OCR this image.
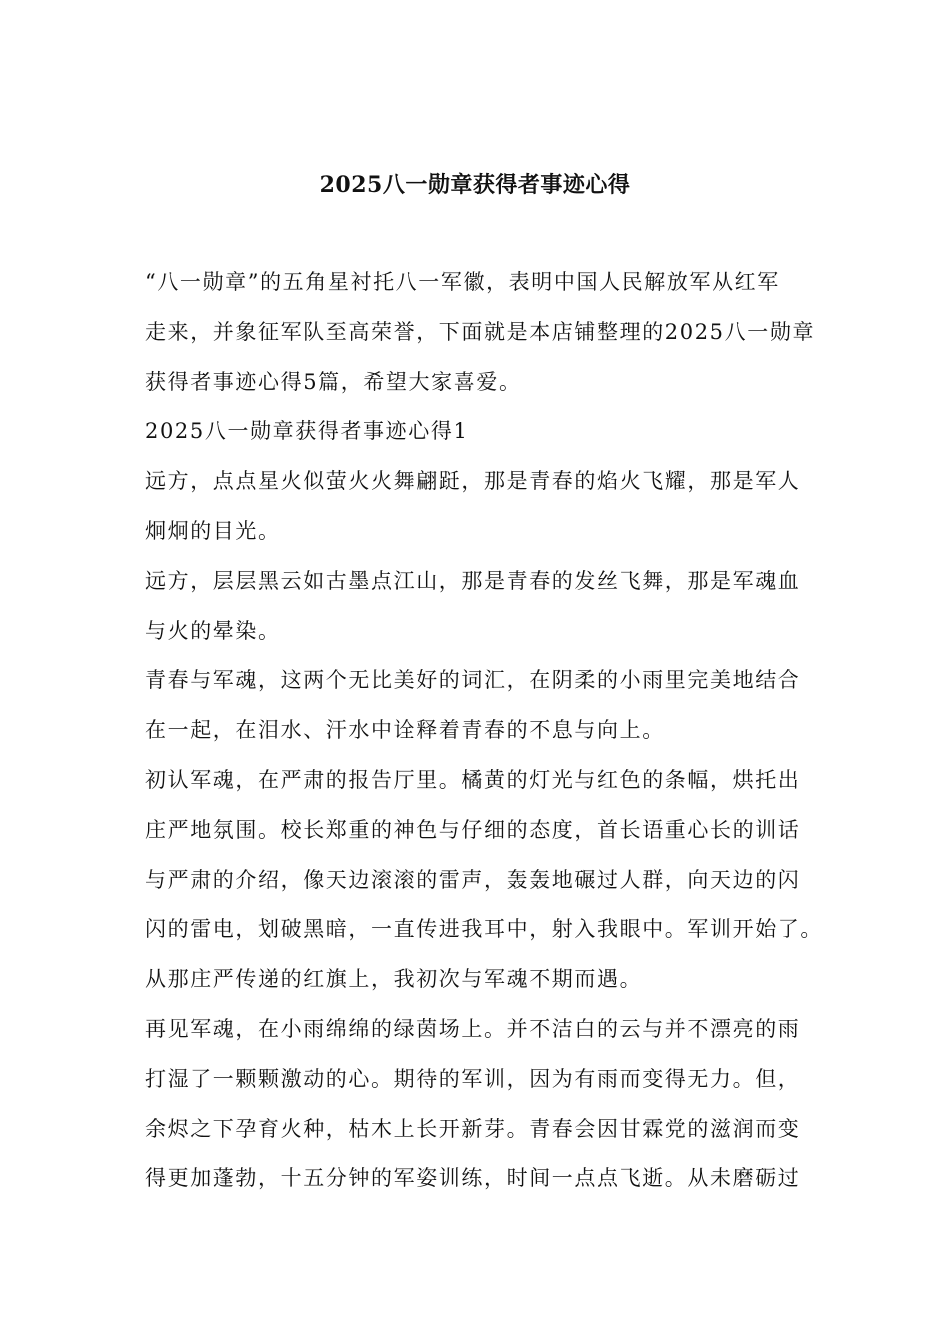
2025八一勋章获得者事迹心得
“八一勋章”的五角星衬托八一军徽，表明中国人民解放军从红军
走来，并象征军队至高荣誉，下面就是本店铺整理的2025八一勋章
获得者事迹心得5篇，希望大家喜爱。
2025八一勋章获得者事迹心得1
远方，点点星火似萤火火舞翩跹，那是青春的焰火飞耀，那是军人
炯炯的目光。
远方，层层黑云如古墨点江山，那是青春的发丝飞舞，那是军魂血
与火的晕染。
青春与军魂，这两个无比美好的词汇，在阴柔的小雨里完美地结合
在一起，在泪水、汗水中诠释着青春的不息与向上。
初认军魂，在严肃的报告厅里。橘黄的灯光与红色的条幅，烘托出
庄严地氛围。校长郑重的神色与仔细的态度，首长语重心长的训话
与严肃的介绍，像天边滚滚的雷声，轰轰地碾过人群，向天边的闪
闪的雷电，划破黑暗，一直传进我耳中，射入我眼中。军训开始了。
从那庄严传递的红旗上，我初次与军魂不期而遇。
再见军魂，在小雨绵绵的绿茵场上。并不洁白的云与并不漂亮的雨
打湿了一颗颗激动的心。期待的军训，因为有雨而变得无力。但，
余烬之下孕育火种，枯木上长开新芽。青春会因甘霖党的滋润而变
得更加蓬勃，十五分钟的军姿训练，时间一点点飞逝。从未磨砺过
